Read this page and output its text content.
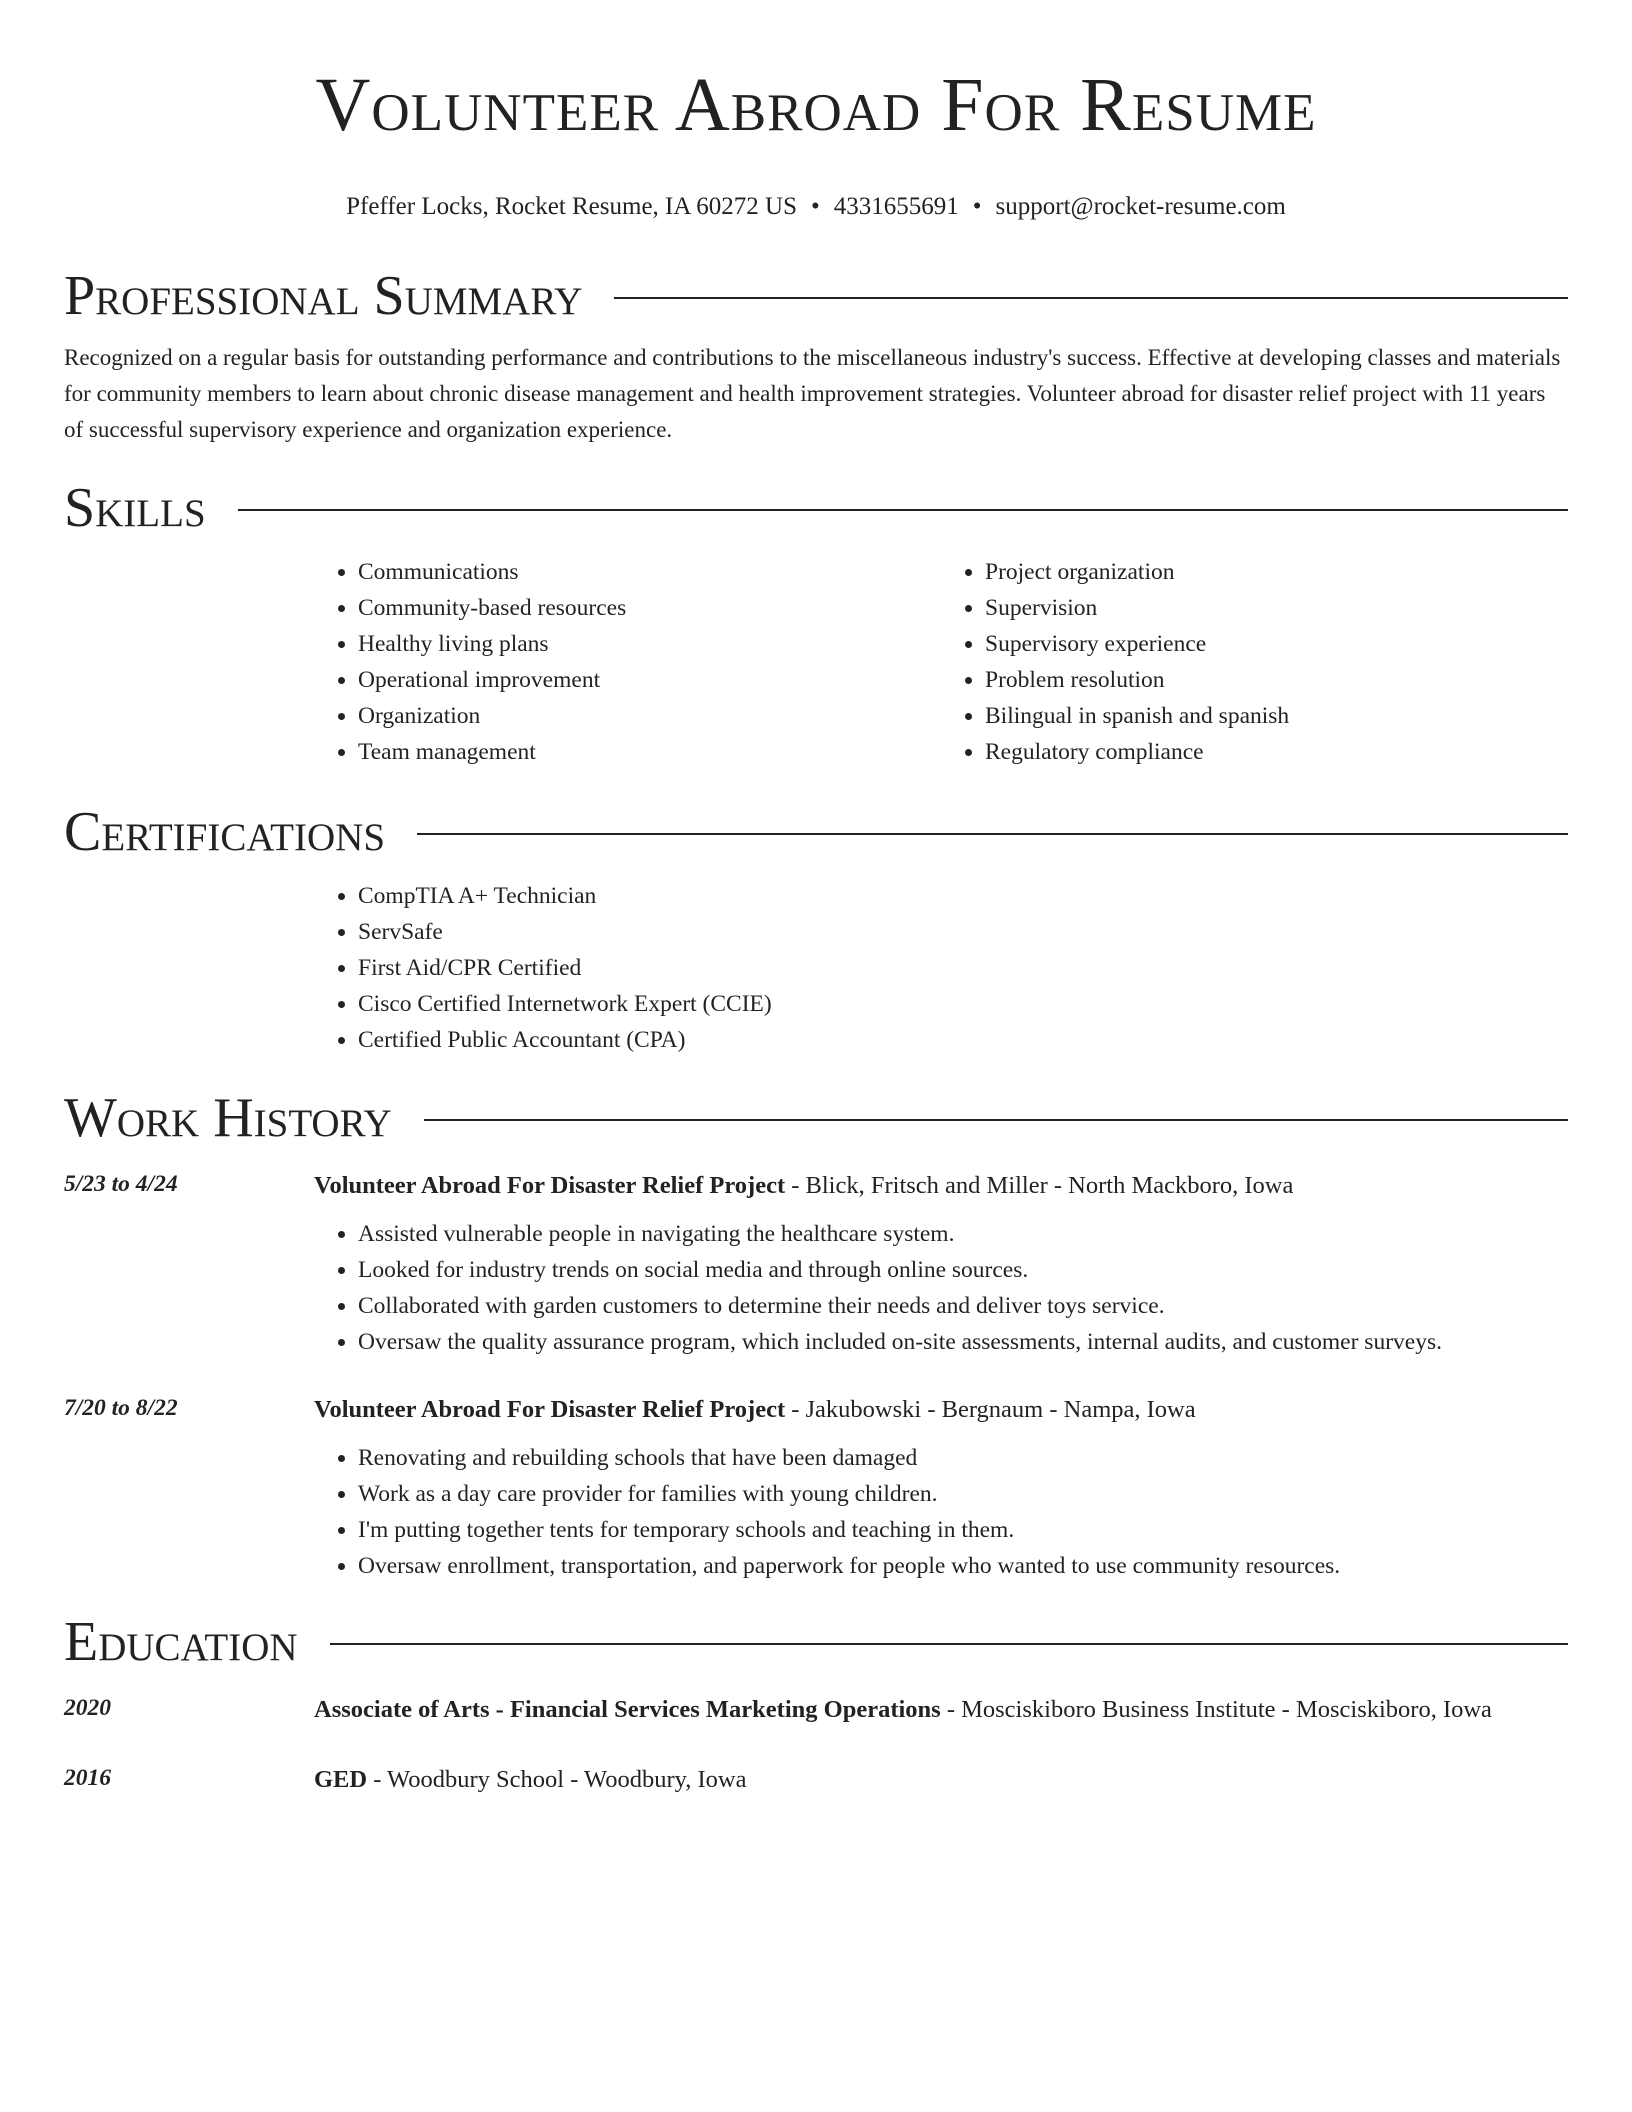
Volunteer Abroad For Resume
Pfeffer Locks, Rocket Resume, IA 60272 US • 4331655691 • support@rocket-resume.com
Professional Summary

Recognized on a regular basis for outstanding performance and contributions to the miscellaneous industry's success. Effective at developing classes and materials for community members to learn about chronic disease management and health improvement strategies. Volunteer abroad for disaster relief project with 11 years of successful supervisory experience and organization experience.

Skills
• Communications
• Community-based resources
• Healthy living plans
• Operational improvement
• Organization
• Team management
• Project organization
• Supervision
• Supervisory experience
• Problem resolution
• Bilingual in spanish and spanish
• Regulatory compliance
Certifications
• CompTIA A+ Technician
• ServSafe
• First Aid/CPR Certified
• Cisco Certified Internetwork Expert (CCIE)
• Certified Public Accountant (CPA)
Work History
5/23 to 4/24	Volunteer Abroad For Disaster Relief Project - Blick, Fritsch and Miller - North Mackboro, Iowa
• Assisted vulnerable people in navigating the healthcare system.
• Looked for industry trends on social media and through online sources.
• Collaborated with garden customers to determine their needs and deliver toys service.
• Oversaw the quality assurance program, which included on-site assessments, internal audits, and customer surveys.
7/20 to 8/22	Volunteer Abroad For Disaster Relief Project - Jakubowski - Bergnaum - Nampa, Iowa
• Renovating and rebuilding schools that have been damaged
• Work as a day care provider for families with young children.
• I'm putting together tents for temporary schools and teaching in them.
• Oversaw enrollment, transportation, and paperwork for people who wanted to use community resources.
Education
2020	Associate of Arts - Financial Services Marketing Operations - Mosciskiboro Business Institute - Mosciskiboro, Iowa
2016	GED - Woodbury School - Woodbury, Iowa
